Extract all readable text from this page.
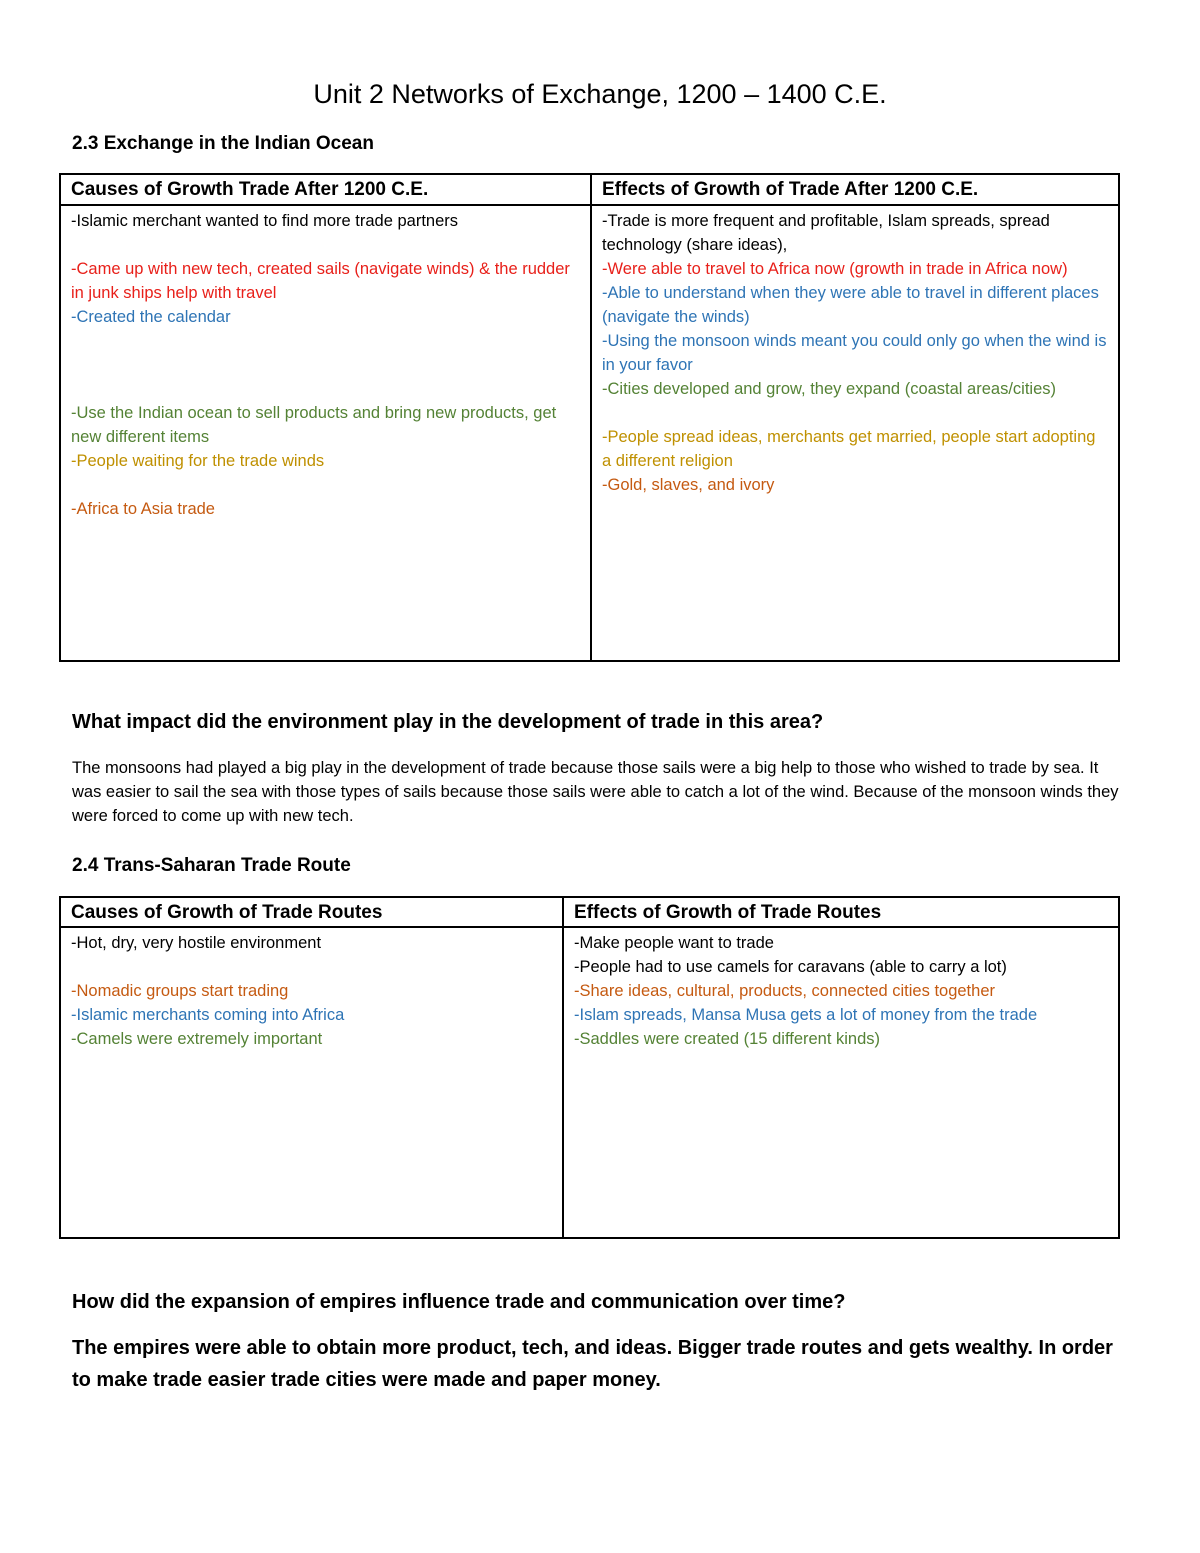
Unit 2 Networks of Exchange, 1200 – 1400 C.E.
2.3 Exchange in the Indian Ocean
Causes of Growth Trade After 1200 C.E.	Effects of Growth of Trade After 1200 C.E.
-Islamic merchant wanted to find more trade partners
-Came up with new tech, created sails (navigate winds) & the rudder in junk ships help with travel
-Created the calendar
-Use the Indian ocean to sell products and bring new products, get new different items
-People waiting for the trade winds
-Africa to Asia trade
-Trade is more frequent and profitable, Islam spreads, spread technology (share ideas),
-Were able to travel to Africa now (growth in trade in Africa now)
-Able to understand when they were able to travel in different places (navigate the winds)
-Using the monsoon winds meant you could only go when the wind is in your favor
-Cities developed and grow, they expand (coastal areas/cities)
-People spread ideas, merchants get married, people start adopting a different religion
-Gold, slaves, and ivory
What impact did the environment play in the development of trade in this area?
The monsoons had played a big play in the development of trade because those sails were a big help to those who wished to trade by sea. It was easier to sail the sea with those types of sails because those sails were able to catch a lot of the wind. Because of the monsoon winds they were forced to come up with new tech.
2.4 Trans-Saharan Trade Route
Causes of Growth of Trade Routes	Effects of Growth of Trade Routes
-Hot, dry, very hostile environment
-Nomadic groups start trading
-Islamic merchants coming into Africa
-Camels were extremely important
-Make people want to trade
-People had to use camels for caravans (able to carry a lot)
-Share ideas, cultural, products, connected cities together
-Islam spreads, Mansa Musa gets a lot of money from the trade
-Saddles were created (15 different kinds)
How did the expansion of empires influence trade and communication over time?
The empires were able to obtain more product, tech, and ideas. Bigger trade routes and gets wealthy. In order to make trade easier trade cities were made and paper money.
